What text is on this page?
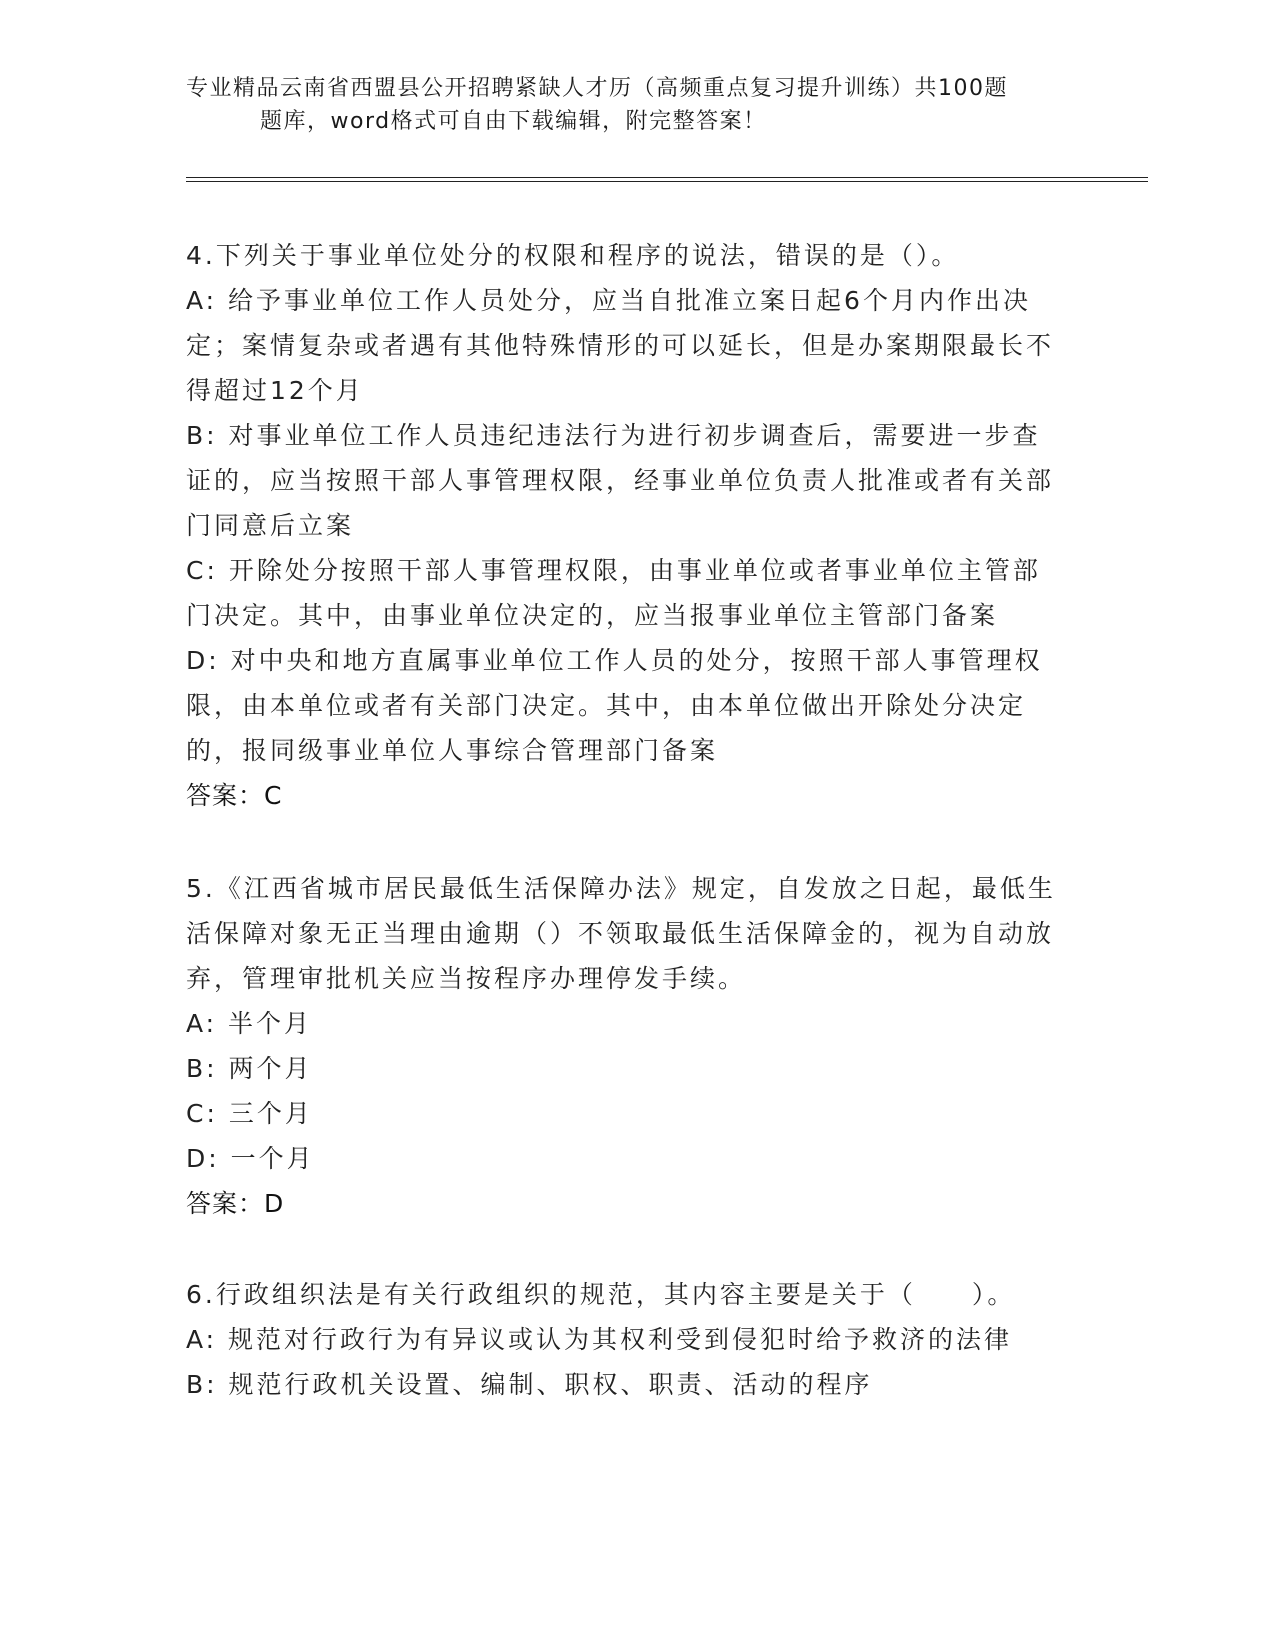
专业精品云南省西盟县公开招聘紧缺人才历（高频重点复习提升训练）共100题
题库，word格式可自由下载编辑，附完整答案！

4.下列关于事业单位处分的权限和程序的说法，错误的是（）。

A: 给予事业单位工作人员处分，应当自批准立案日起6个月内作出决定；案情复杂或者遇有其他特殊情形的可以延长，但是办案期限最长不得超过12个月

B: 对事业单位工作人员违纪违法行为进行初步调查后，需要进一步查证的，应当按照干部人事管理权限，经事业单位负责人批准或者有关部门同意后立案

C: 开除处分按照干部人事管理权限，由事业单位或者事业单位主管部门决定。其中，由事业单位决定的，应当报事业单位主管部门备案

D: 对中央和地方直属事业单位工作人员的处分，按照干部人事管理权限，由本单位或者有关部门决定。其中，由本单位做出开除处分决定的，报同级事业单位人事综合管理部门备案

答案：C

5.《江西省城市居民最低生活保障办法》规定，自发放之日起，最低生活保障对象无正当理由逾期（）不领取最低生活保障金的，视为自动放弃，管理审批机关应当按程序办理停发手续。

A: 半个月

B: 两个月

C: 三个月

D: 一个月

答案：D

6.行政组织法是有关行政组织的规范，其内容主要是关于（　　）。

A: 规范对行政行为有异议或认为其权利受到侵犯时给予救济的法律

B: 规范行政机关设置、编制、职权、职责、活动的程序
